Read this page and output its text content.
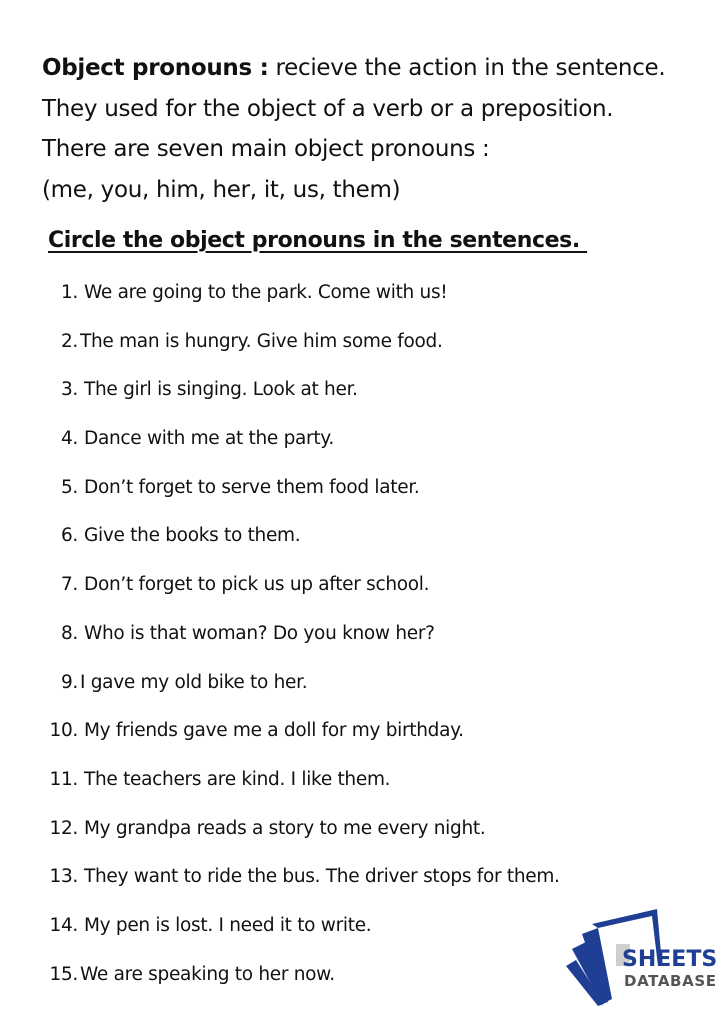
Object pronouns : recieve the action in the sentence.
They used for the object of a verb or a preposition.
There are seven main object pronouns :
(me, you, him, her, it, us, them)
Circle the object pronouns in the sentences.
1. We are going to the park. Come with us!
2. The man is hungry. Give him some food.
3. The girl is singing. Look at her.
4. Dance with me at the party.
5. Don’t forget to serve them food later.
6. Give the books to them.
7. Don’t forget to pick us up after school.
8. Who is that woman? Do you know her?
9. I gave my old bike to her.
10. My friends gave me a doll for my birthday.
11. The teachers are kind. I like them.
12. My grandpa reads a story to me every night.
13. They want to ride the bus. The driver stops for them.
14. My pen is lost. I need it to write.
15. We are speaking to her now.
SHEETS
DATABASE
